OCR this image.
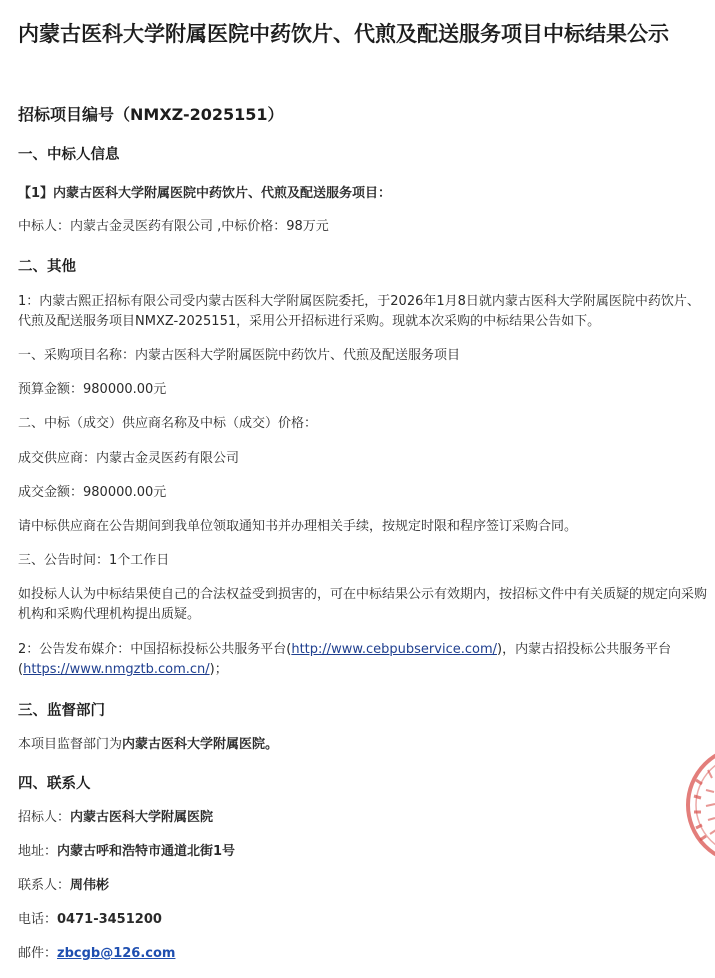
内蒙古医科大学附属医院中药饮片、代煎及配送服务项目中标结果公示
招标项目编号（NMXZ-2025151）
一、中标人信息
【1】内蒙古医科大学附属医院中药饮片、代煎及配送服务项目：
中标人：内蒙古金灵医药有限公司 ,中标价格：98万元
二、其他
1：内蒙古熙正招标有限公司受内蒙古医科大学附属医院委托，于2026年1月8日就内蒙古医科大学附属医院中药饮片、代煎及配送服务项目NMXZ-2025151，采用公开招标进行采购。现就本次采购的中标结果公告如下。
一、采购项目名称：内蒙古医科大学附属医院中药饮片、代煎及配送服务项目
预算金额：980000.00元
二、中标（成交）供应商名称及中标（成交）价格：
成交供应商：内蒙古金灵医药有限公司
成交金额：980000.00元
请中标供应商在公告期间到我单位领取通知书并办理相关手续，按规定时限和程序签订采购合同。
三、公告时间：1个工作日
如投标人认为中标结果使自己的合法权益受到损害的，可在中标结果公示有效期内，按招标文件中有关质疑的规定向采购机构和采购代理机构提出质疑。
2：公告发布媒介：中国招标投标公共服务平台(http://www.cebpubservice.com/)，内蒙古招投标公共服务平台(https://www.nmgztb.com.cn/)；
三、监督部门
本项目监督部门为内蒙古医科大学附属医院。
四、联系人
招标人：内蒙古医科大学附属医院
地址：内蒙古呼和浩特市通道北街1号
联系人：周伟彬
电话：0471-3451200
邮件：zbcgb@126.com
